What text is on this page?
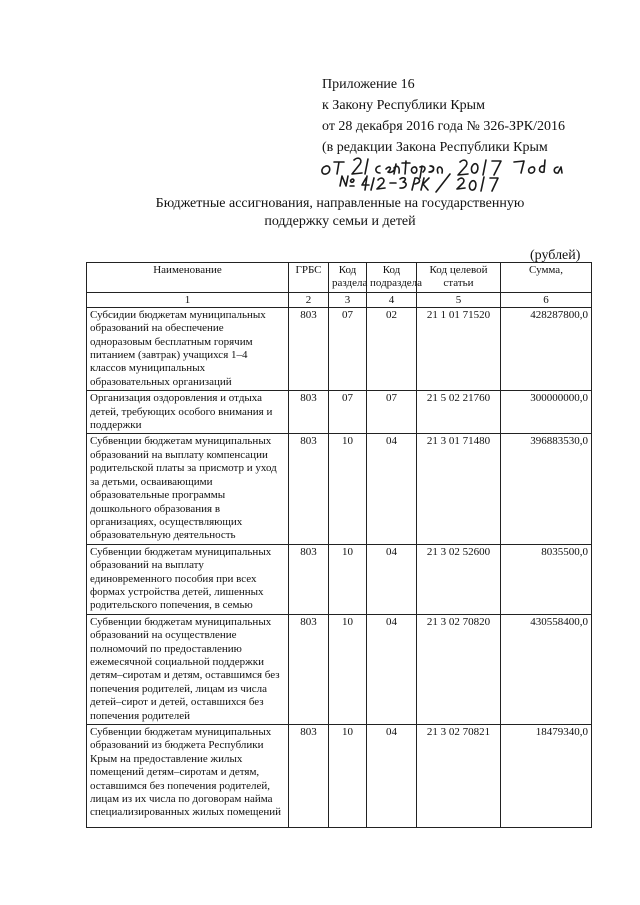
Приложение 16
к Закону Республики Крым
от 28 декабря 2016 года № 326-ЗРК/2016
(в редакции Закона Республики Крым
Бюджетные ассигнования, направленные на государственную
поддержку семьи и детей
(рублей)
Наименование	ГРБС	Код раздела	Код подраздела	Код целевой статьи	Сумма,
1	2	3	4	5	6
Субсидии бюджетам муниципальных образований на обеспечение одноразовым бесплатным горячим питанием (завтрак) учащихся 1–4 классов муниципальных образовательных организаций	803	07	02	21 1 01 71520	428287800,0
Организация оздоровления и отдыха детей, требующих особого внимания и поддержки	803	07	07	21 5 02 21760	300000000,0
Субвенции бюджетам муниципальных образований на выплату компенсации родительской платы за присмотр и уход за детьми, осваивающими образовательные программы дошкольного образования в организациях, осуществляющих образовательную деятельность	803	10	04	21 3 01 71480	396883530,0
Субвенции бюджетам муниципальных образований на выплату единовременного пособия при всех формах устройства детей, лишенных родительского попечения, в семью	803	10	04	21 3 02 52600	8035500,0
Субвенции бюджетам муниципальных образований на осуществление полномочий по предоставлению ежемесячной социальной поддержки детям–сиротам и детям, оставшимся без попечения родителей, лицам из числа детей–сирот и детей, оставшихся без попечения родителей	803	10	04	21 3 02 70820	430558400,0
Субвенции бюджетам муниципальных образований из бюджета Республики Крым на предоставление жилых помещений детям–сиротам и детям, оставшимся без попечения родителей, лицам из их числа по договорам найма специализированных жилых помещений	803	10	04	21 3 02 70821	18479340,0
